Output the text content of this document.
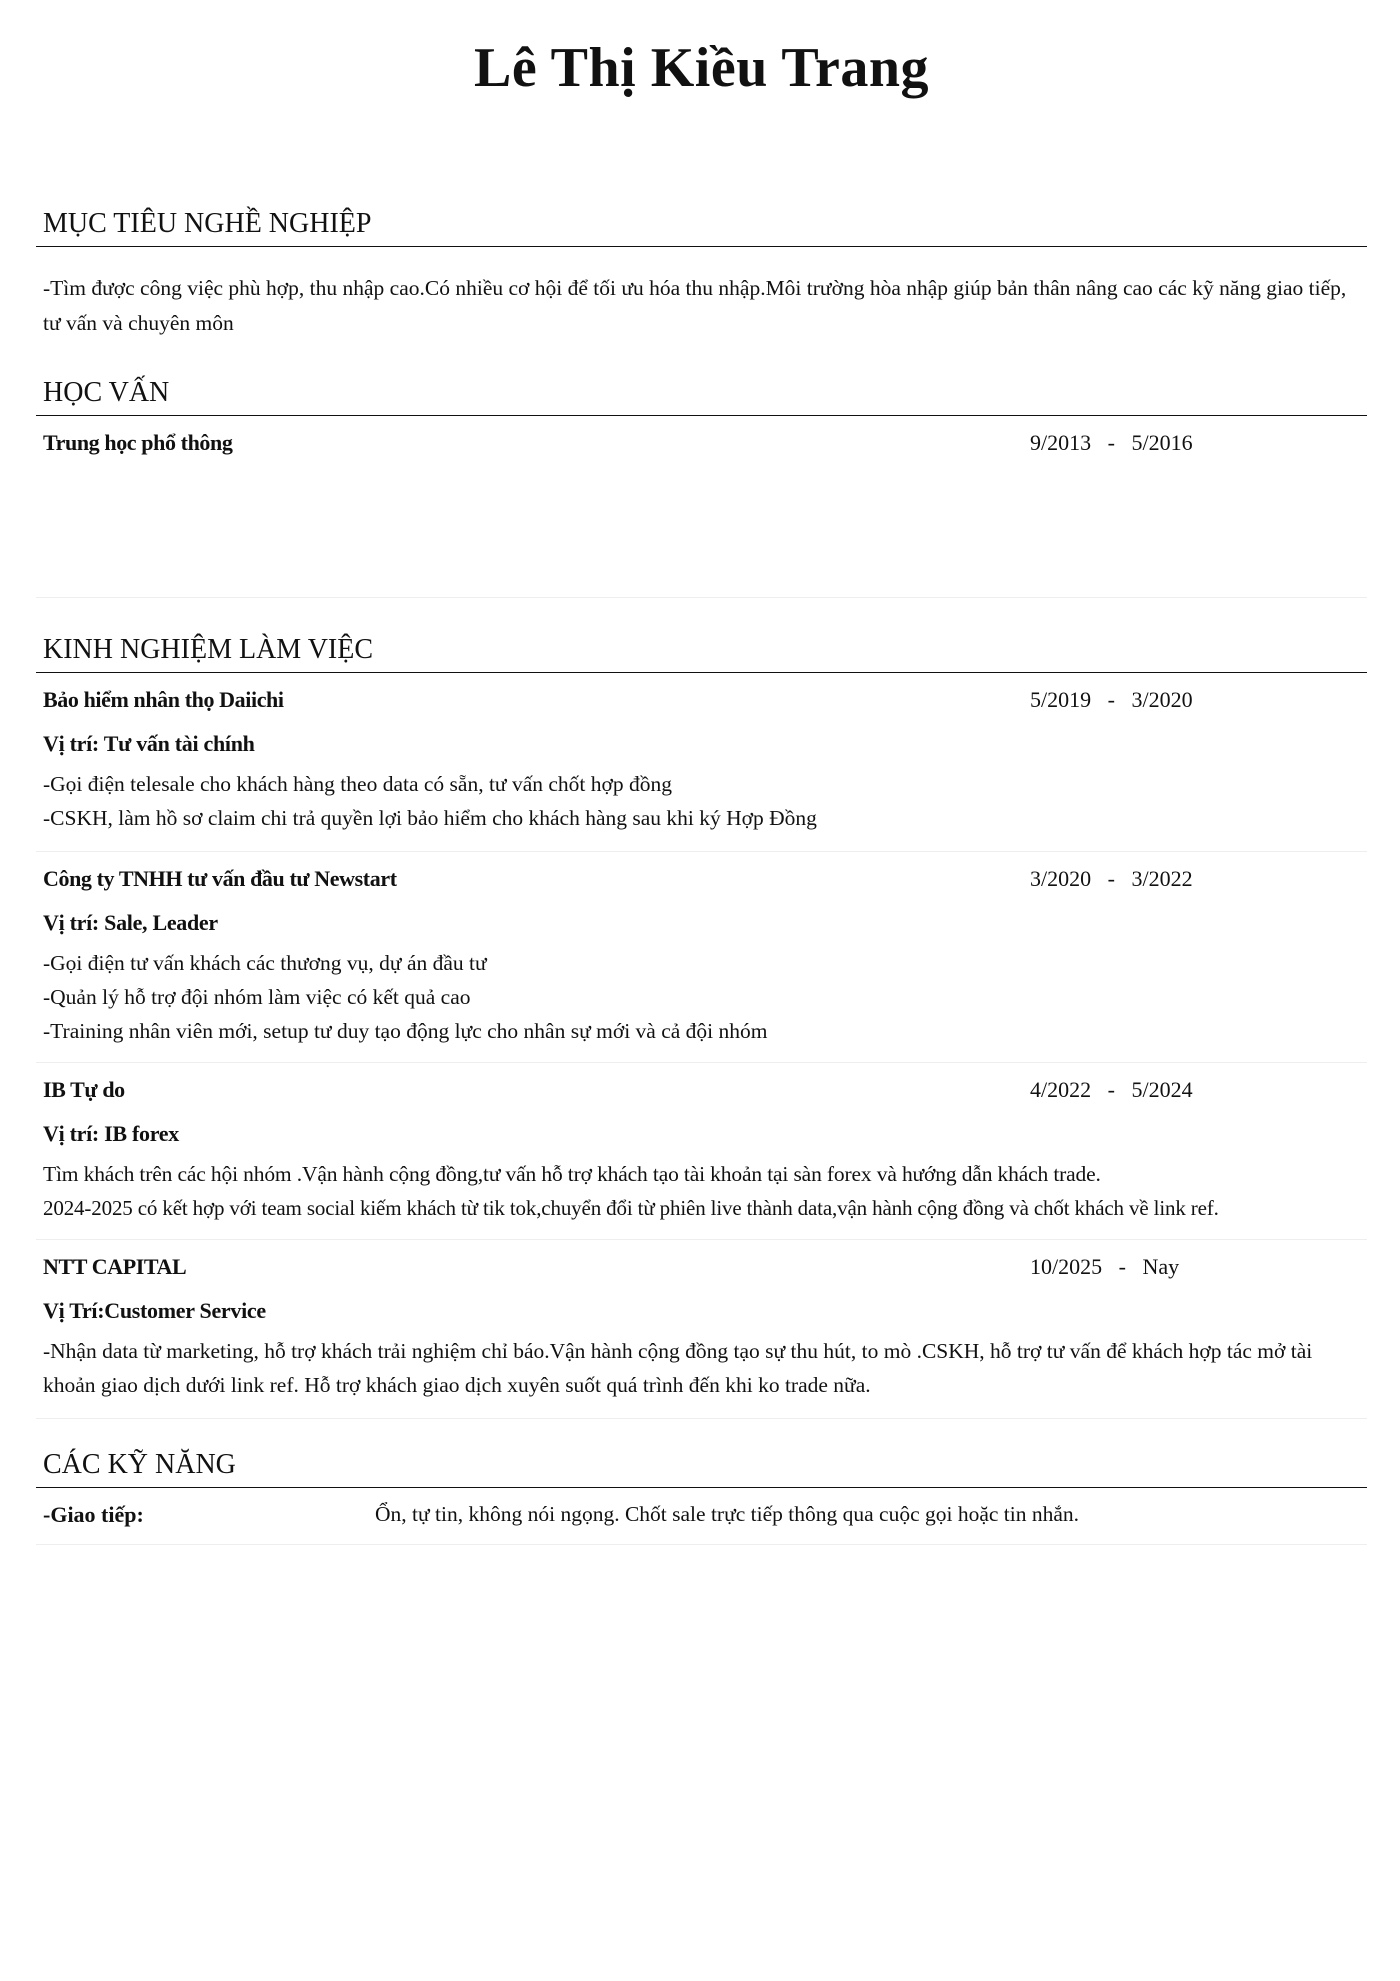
Lê Thị Kiều Trang
MỤC TIÊU NGHỀ NGHIỆP
-Tìm được công việc phù hợp, thu nhập cao.Có nhiều cơ hội để tối ưu hóa thu nhập.Môi trường hòa nhập giúp bản thân nâng cao các kỹ năng giao tiếp, tư vấn và chuyên môn
HỌC VẤN
Trung học phổ thông	9/2013 - 5/2016
KINH NGHIỆM LÀM VIỆC
Bảo hiểm nhân thọ Daiichi	5/2019 - 3/2020
Vị trí: Tư vấn tài chính

-Gọi điện telesale cho khách hàng theo data có sẵn, tư vấn chốt hợp đồng

-CSKH, làm hồ sơ claim chi trả quyền lợi bảo hiểm cho khách hàng sau khi ký Hợp Đồng

Công ty TNHH tư vấn đầu tư Newstart	3/2020 - 3/2022
Vị trí: Sale, Leader

-Gọi điện tư vấn khách các thương vụ, dự án đầu tư

-Quản lý hỗ trợ đội nhóm làm việc có kết quả cao

-Training nhân viên mới, setup tư duy tạo động lực cho nhân sự mới và cả đội nhóm

IB Tự do	4/2022 - 5/2024
Vị trí: IB forex

Tìm khách trên các hội nhóm .Vận hành cộng đồng,tư vấn hỗ trợ khách tạo tài khoản tại sàn forex và hướng dẫn khách trade.

2024-2025 có kết hợp với team social kiếm khách từ tik tok,chuyển đổi từ phiên live thành data,vận hành cộng đồng và chốt khách về link ref.

NTT CAPITAL	10/2025 - Nay
Vị Trí:Customer Service

-Nhận data từ marketing, hỗ trợ khách trải nghiệm chỉ báo.Vận hành cộng đồng tạo sự thu hút, to mò .CSKH, hỗ trợ tư vấn để khách hợp tác mở tài khoản giao dịch dưới link ref. Hỗ trợ khách giao dịch xuyên suốt quá trình đến khi ko trade nữa.

CÁC KỸ NĂNG
-Giao tiếp:	Ổn, tự tin, không nói ngọng. Chốt sale trực tiếp thông qua cuộc gọi hoặc tin nhắn.
